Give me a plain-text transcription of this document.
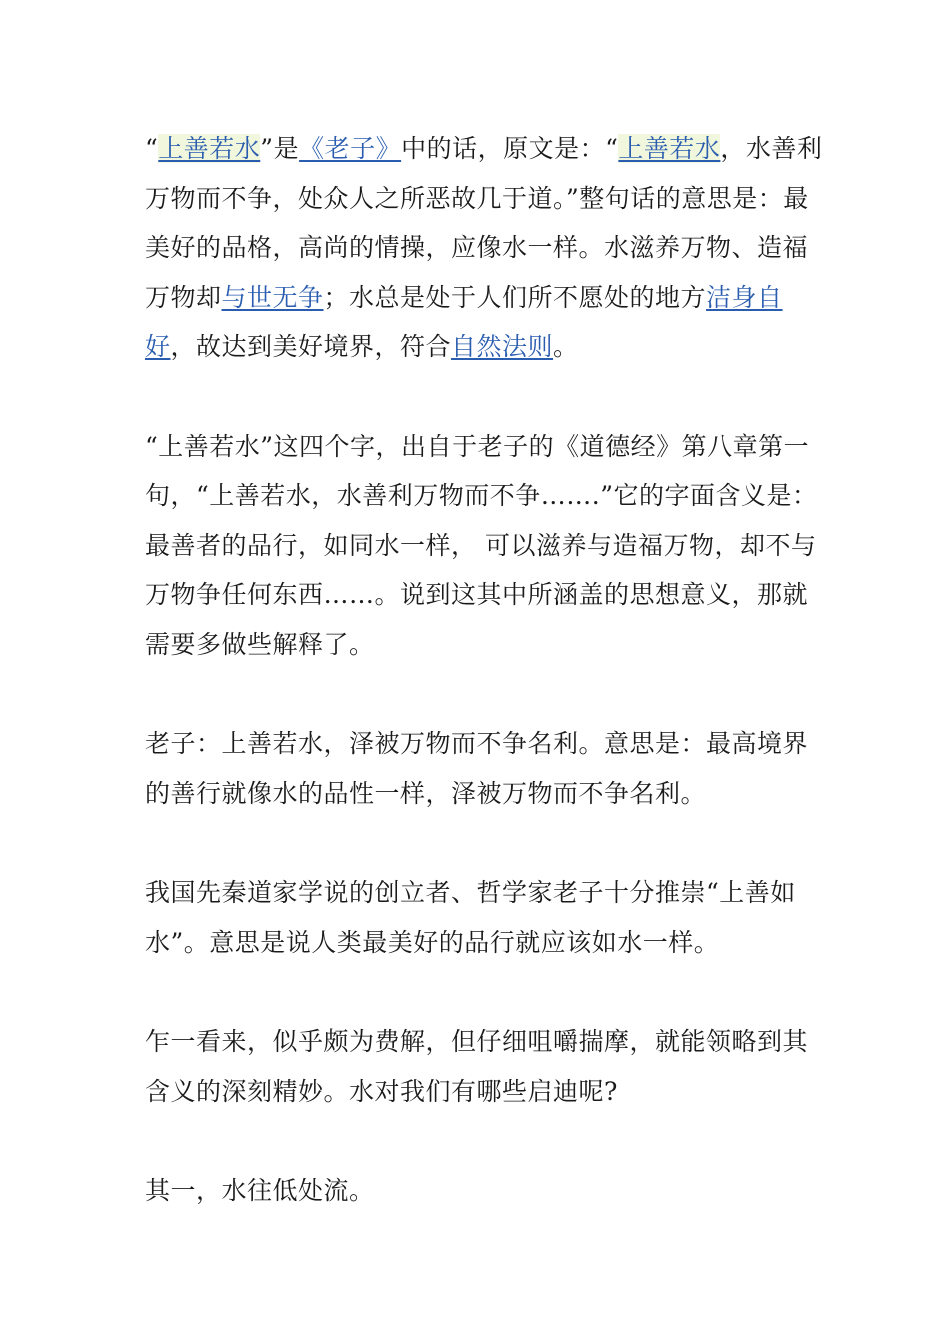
“上善若水”是《老子》中的话，原文是：“上善若水，水善利万物而不争，处众人之所恶故几于道。”整句话的意思是：最美好的品格，高尚的情操，应像水一样。水滋养万物、造福万物却与世无争；水总是处于人们所不愿处的地方洁身自好，故达到美好境界，符合自然法则。

“上善若水”这四个字，出自于老子的《道德经》第八章第一句，“上善若水，水善利万物而不争…….”它的字面含义是：最善者的品行，如同水一样， 可以滋养与造福万物，却不与万物争任何东西……。说到这其中所涵盖的思想意义，那就需要多做些解释了。

老子：上善若水，泽被万物而不争名利。意思是：最高境界的善行就像水的品性一样，泽被万物而不争名利。

我国先秦道家学说的创立者、哲学家老子十分推崇“上善如水”。意思是说人类最美好的品行就应该如水一样。

乍一看来，似乎颇为费解，但仔细咀嚼揣摩，就能领略到其含义的深刻精妙。水对我们有哪些启迪呢?

其一，水往低处流。
